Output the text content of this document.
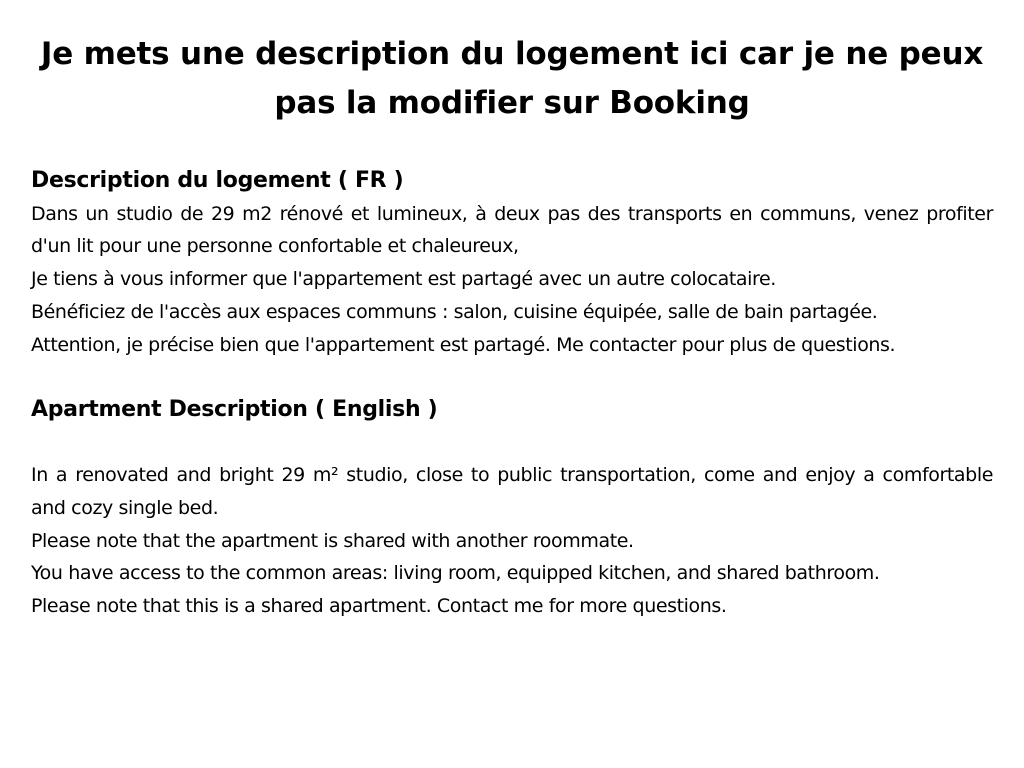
Je mets une description du logement ici car je ne peux pas la modifier sur Booking
Description du logement ( FR )

Dans un studio de 29 m2 rénové et lumineux, à deux pas des transports en communs, venez profiter d'un lit pour une personne confortable et chaleureux,

Je tiens à vous informer que l'appartement est partagé avec un autre colocataire.

Bénéficiez de l'accès aux espaces communs : salon, cuisine équipée, salle de bain partagée.

Attention, je précise bien que l'appartement est partagé. Me contacter pour plus de questions.

Apartment Description ( English )

In a renovated and bright 29 m² studio, close to public transportation, come and enjoy a comfortable and cozy single bed.

Please note that the apartment is shared with another roommate.

You have access to the common areas: living room, equipped kitchen, and shared bathroom.

Please note that this is a shared apartment. Contact me for more questions.
